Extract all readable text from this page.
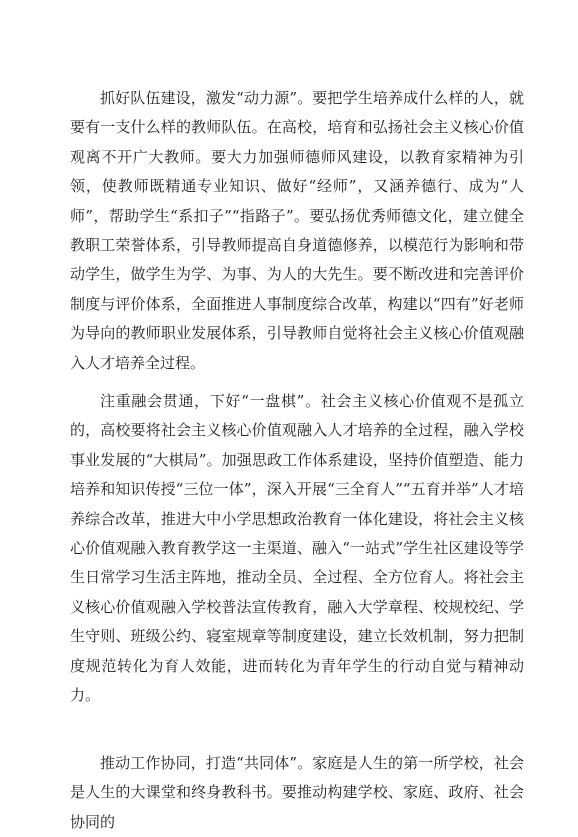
抓好队伍建设，激发“动力源”。要把学生培养成什么样的人，就要有一支什么样的教师队伍。在高校，培育和弘扬社会主义核心价值观离不开广大教师。要大力加强师德师风建设，以教育家精神为引领，使教师既精通专业知识、做好“经师”，又涵养德行、成为“人师”，帮助学生“系扣子”“指路子”。要弘扬优秀师德文化，建立健全教职工荣誉体系，引导教师提高自身道德修养，以模范行为影响和带动学生，做学生为学、为事、为人的大先生。要不断改进和完善评价制度与评价体系，全面推进人事制度综合改革，构建以“四有”好老师为导向的教师职业发展体系，引导教师自觉将社会主义核心价值观融入人才培养全过程。

注重融会贯通，下好“一盘棋”。社会主义核心价值观不是孤立的，高校要将社会主义核心价值观融入人才培养的全过程，融入学校事业发展的“大棋局”。加强思政工作体系建设，坚持价值塑造、能力培养和知识传授“三位一体”，深入开展“三全育人”“五育并举”人才培养综合改革，推进大中小学思想政治教育一体化建设，将社会主义核心价值观融入教育教学这一主渠道、融入“一站式”学生社区建设等学生日常学习生活主阵地，推动全员、全过程、全方位育人。将社会主义核心价值观融入学校普法宣传教育，融入大学章程、校规校纪、学生守则、班级公约、寝室规章等制度建设，建立长效机制，努力把制度规范转化为育人效能，进而转化为青年学生的行动自觉与精神动力。

推动工作协同，打造“共同体”。家庭是人生的第一所学校，社会是人生的大课堂和终身教科书。要推动构建学校、家庭、政府、社会协同的
